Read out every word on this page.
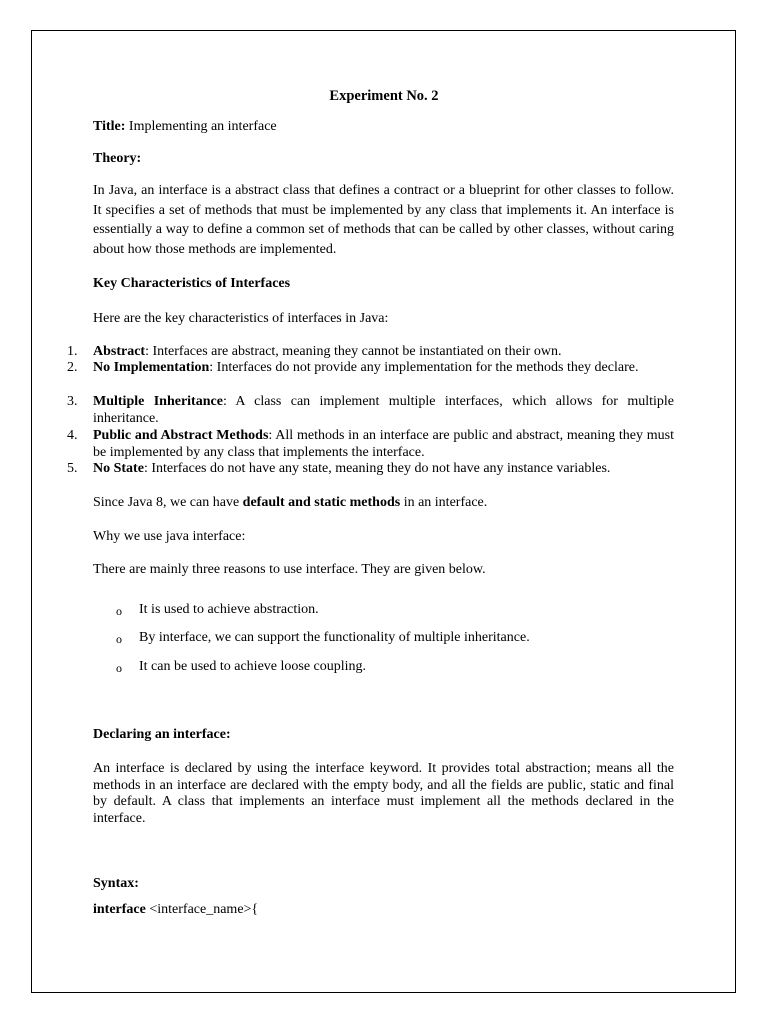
Experiment No. 2

Title: Implementing an interface

Theory:

In Java, an interface is a abstract class that defines a contract or a blueprint for other classes to follow. It specifies a set of methods that must be implemented by any class that implements it. An interface is essentially a way to define a common set of methods that can be called by other classes, without caring about how those methods are implemented.

Key Characteristics of Interfaces

Here are the key characteristics of interfaces in Java:

1.	Abstract: Interfaces are abstract, meaning they cannot be instantiated on their own.

2.	No Implementation: Interfaces do not provide any implementation for the methods they declare.

3.	Multiple Inheritance: A class can implement multiple interfaces, which allows for multiple inheritance.

4.	Public and Abstract Methods: All methods in an interface are public and abstract, meaning they must be implemented by any class that implements the interface.

5.	No State: Interfaces do not have any state, meaning they do not have any instance variables.

Since Java 8, we can have default and static methods in an interface.

Why we use java interface:

There are mainly three reasons to use interface. They are given below.

o It is used to achieve abstraction.
o By interface, we can support the functionality of multiple inheritance.
o It can be used to achieve loose coupling.

Declaring an interface:

An interface is declared by using the interface keyword. It provides total abstraction; means all the methods in an interface are declared with the empty body, and all the fields are public, static and final by default. A class that implements an interface must implement all the methods declared in the interface.

Syntax:

interface <interface_name>{
